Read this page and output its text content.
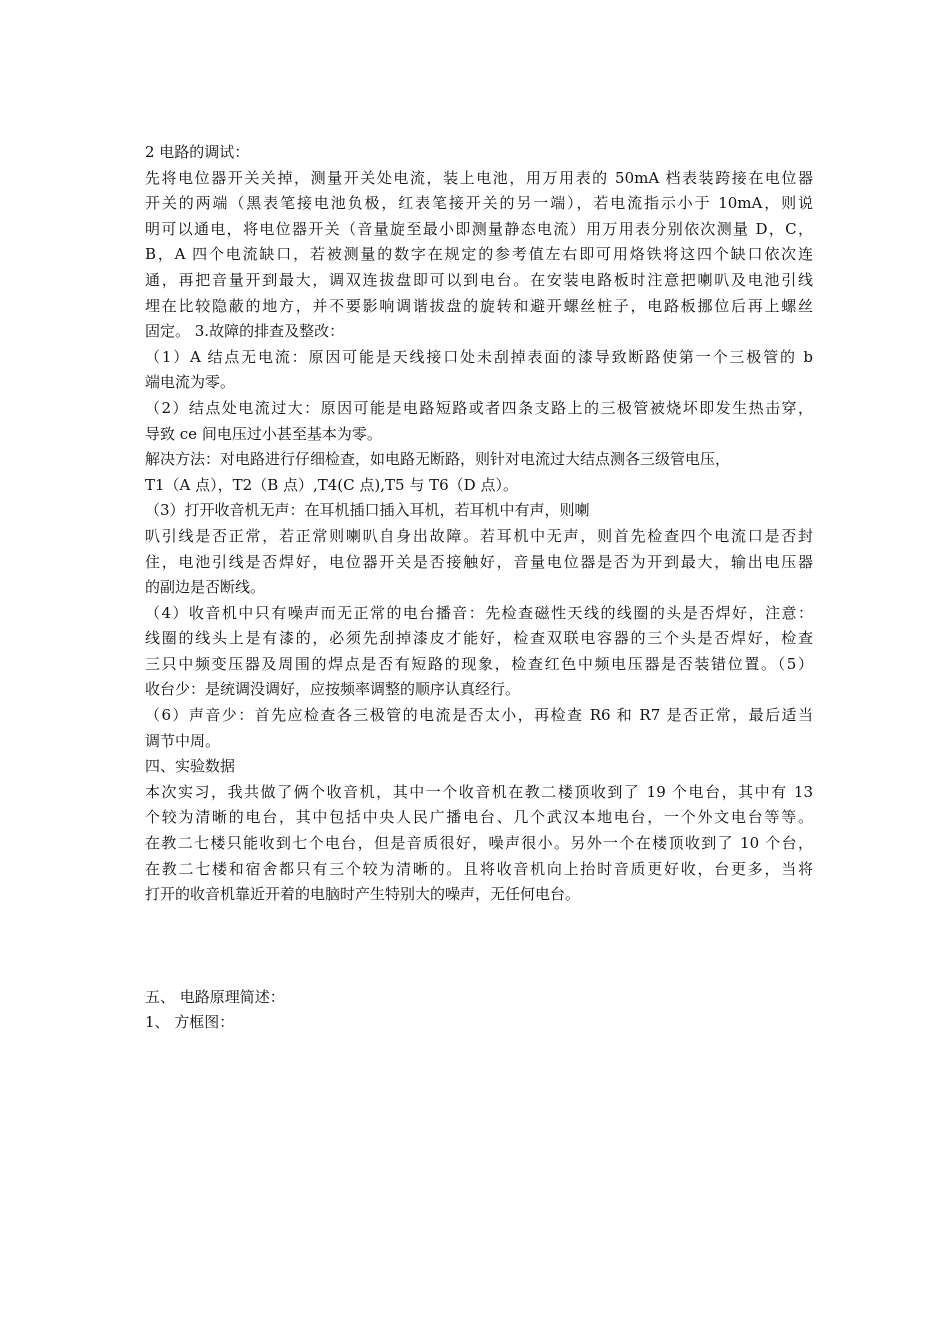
2 电路的调试：
先将电位器开关关掉，测量开关处电流，装上电池，用万用表的 50mA 档表装跨接在电位器
开关的两端（黑表笔接电池负极，红表笔接开关的另一端），若电流指示小于 10mA，则说
明可以通电，将电位器开关（音量旋至最小即测量静态电流）用万用表分别依次测量 D，C，
B，A 四个电流缺口，若被测量的数字在规定的参考值左右即可用烙铁将这四个缺口依次连
通，再把音量开到最大，调双连拔盘即可以到电台。在安装电路板时注意把喇叭及电池引线
埋在比较隐蔽的地方，并不要影响调谐拔盘的旋转和避开螺丝桩子，电路板挪位后再上螺丝
固定。 3.故障的排查及整改：
（1）A 结点无电流：原因可能是天线接口处未刮掉表面的漆导致断路使第一个三极管的 b
端电流为零。
（2）结点处电流过大：原因可能是电路短路或者四条支路上的三极管被烧坏即发生热击穿，
导致 ce 间电压过小甚至基本为零。
解决方法：对电路进行仔细检查，如电路无断路，则针对电流过大结点测各三级管电压，
T1（A 点），T2（B 点）,T4(C 点),T5 与 T6（D 点）。
（3）打开收音机无声：在耳机插口插入耳机，若耳机中有声，则喇
叭引线是否正常，若正常则喇叭自身出故障。若耳机中无声，则首先检查四个电流口是否封
住，电池引线是否焊好，电位器开关是否接触好，音量电位器是否为开到最大，输出电压器
的副边是否断线。
（4）收音机中只有噪声而无正常的电台播音：先检查磁性天线的线圈的头是否焊好，注意：
线圈的线头上是有漆的，必须先刮掉漆皮才能好，检查双联电容器的三个头是否焊好，检查
三只中频变压器及周围的焊点是否有短路的现象，检查红色中频电压器是否装错位置。（5）
收台少：是统调没调好，应按频率调整的顺序认真经行。
（6）声音少：首先应检查各三极管的电流是否太小，再检查 R6 和 R7 是否正常，最后适当
调节中周。
四、实验数据
本次实习，我共做了俩个收音机，其中一个收音机在教二楼顶收到了 19 个电台，其中有 13
个较为清晰的电台，其中包括中央人民广播电台、几个武汉本地电台，一个外文电台等等。
在教二七楼只能收到七个电台，但是音质很好，噪声很小。另外一个在楼顶收到了 10 个台，
在教二七楼和宿舍都只有三个较为清晰的。且将收音机向上抬时音质更好收，台更多，当将
打开的收音机靠近开着的电脑时产生特别大的噪声，无任何电台。
五、 电路原理简述：
1、 方框图：
